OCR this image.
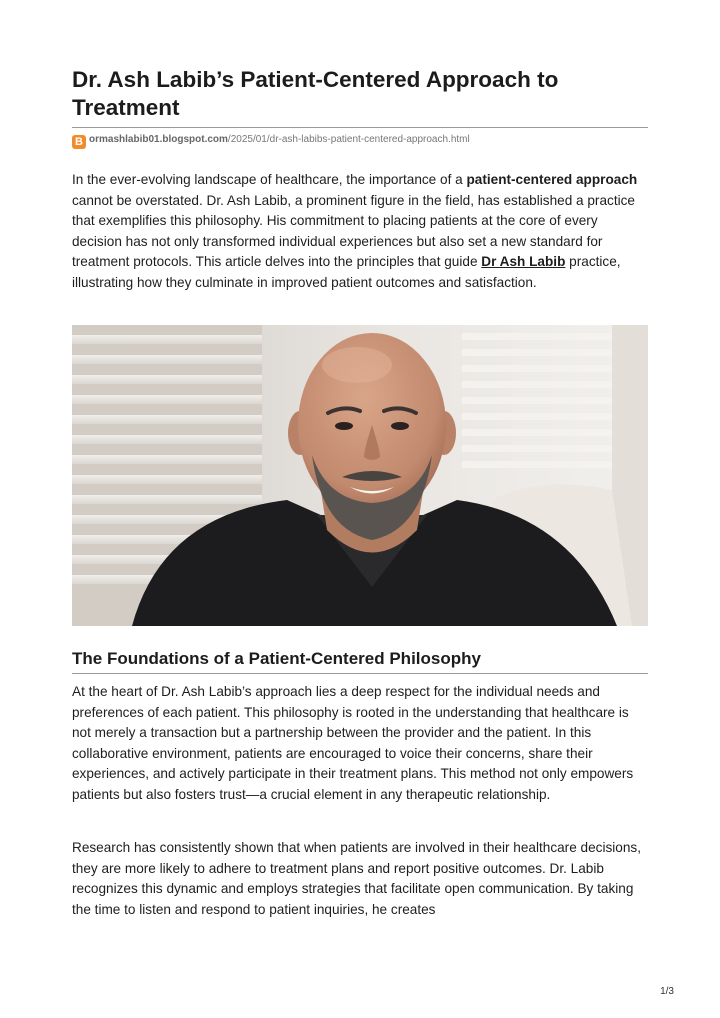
Dr. Ash Labib’s Patient-Centered Approach to Treatment
B ormashlabib01.blogspot.com/2025/01/dr-ash-labibs-patient-centered-approach.html

In the ever-evolving landscape of healthcare, the importance of a patient-centered approach cannot be overstated. Dr. Ash Labib, a prominent figure in the field, has established a practice that exemplifies this philosophy. His commitment to placing patients at the core of every decision has not only transformed individual experiences but also set a new standard for treatment protocols. This article delves into the principles that guide Dr Ash Labib practice, illustrating how they culminate in improved patient outcomes and satisfaction.

The Foundations of a Patient-Centered Philosophy

At the heart of Dr. Ash Labib’s approach lies a deep respect for the individual needs and preferences of each patient. This philosophy is rooted in the understanding that healthcare is not merely a transaction but a partnership between the provider and the patient. In this collaborative environment, patients are encouraged to voice their concerns, share their experiences, and actively participate in their treatment plans. This method not only empowers patients but also fosters trust—a crucial element in any therapeutic relationship.

Research has consistently shown that when patients are involved in their healthcare decisions, they are more likely to adhere to treatment plans and report positive outcomes. Dr. Labib recognizes this dynamic and employs strategies that facilitate open communication. By taking the time to listen and respond to patient inquiries, he creates

1/3
